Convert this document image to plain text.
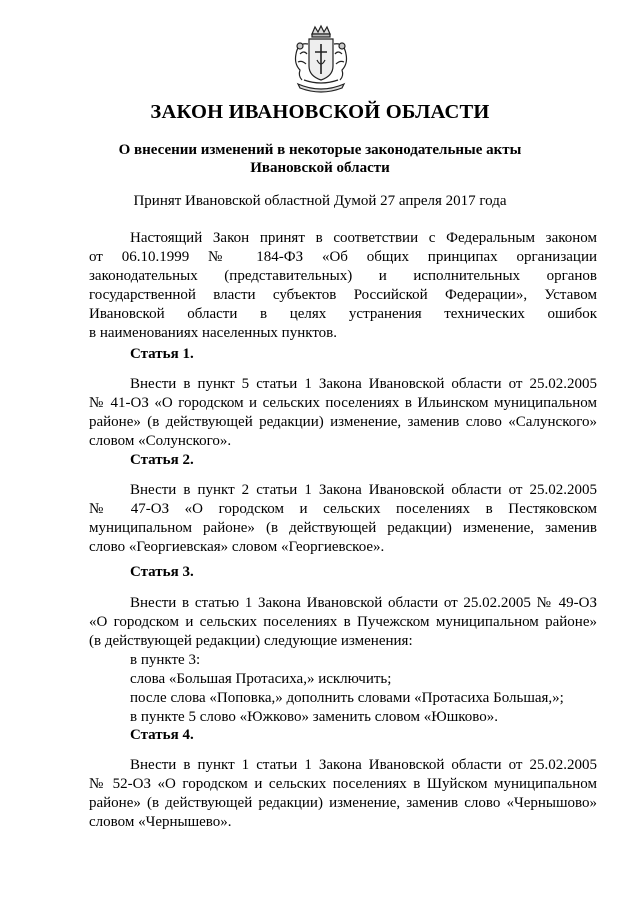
ЗАКОН ИВАНОВСКОЙ ОБЛАСТИ
О внесении изменений в некоторые законодательные акты
Ивановской области
Принят Ивановской областной Думой 27 апреля 2017 года
Настоящий Закон принят в соответствии с Федеральным законом
от 06.10.1999 № 184-ФЗ «Об общих принципах организации
законодательных (представительных) и исполнительных органов
государственной власти субъектов Российской Федерации», Уставом
Ивановской области в целях устранения технических ошибок
в наименованиях населенных пунктов.
Статья 1.
Внести в пункт 5 статьи 1 Закона Ивановской области от 25.02.2005
№ 41-ОЗ «О городском и сельских поселениях в Ильинском муниципальном
районе» (в действующей редакции) изменение, заменив слово «Салунского»
словом «Солунского».
Статья 2.
Внести в пункт 2 статьи 1 Закона Ивановской области от 25.02.2005
№ 47-ОЗ «О городском и сельских поселениях в Пестяковском
муниципальном районе» (в действующей редакции) изменение, заменив
слово «Георгиевская» словом «Георгиевское».
Статья 3.
Внести в статью 1 Закона Ивановской области от 25.02.2005 № 49-ОЗ
«О городском и сельских поселениях в Пучежском муниципальном районе»
(в действующей редакции) следующие изменения:
в пункте 3:
слова «Большая Протасиха,» исключить;
после слова «Поповка,» дополнить словами «Протасиха Большая,»;
в пункте 5 слово «Южково» заменить словом «Юшково».
Статья 4.
Внести в пункт 1 статьи 1 Закона Ивановской области от 25.02.2005
№ 52-ОЗ «О городском и сельских поселениях в Шуйском муниципальном
районе» (в действующей редакции) изменение, заменив слово «Чернышово»
словом «Чернышево».
